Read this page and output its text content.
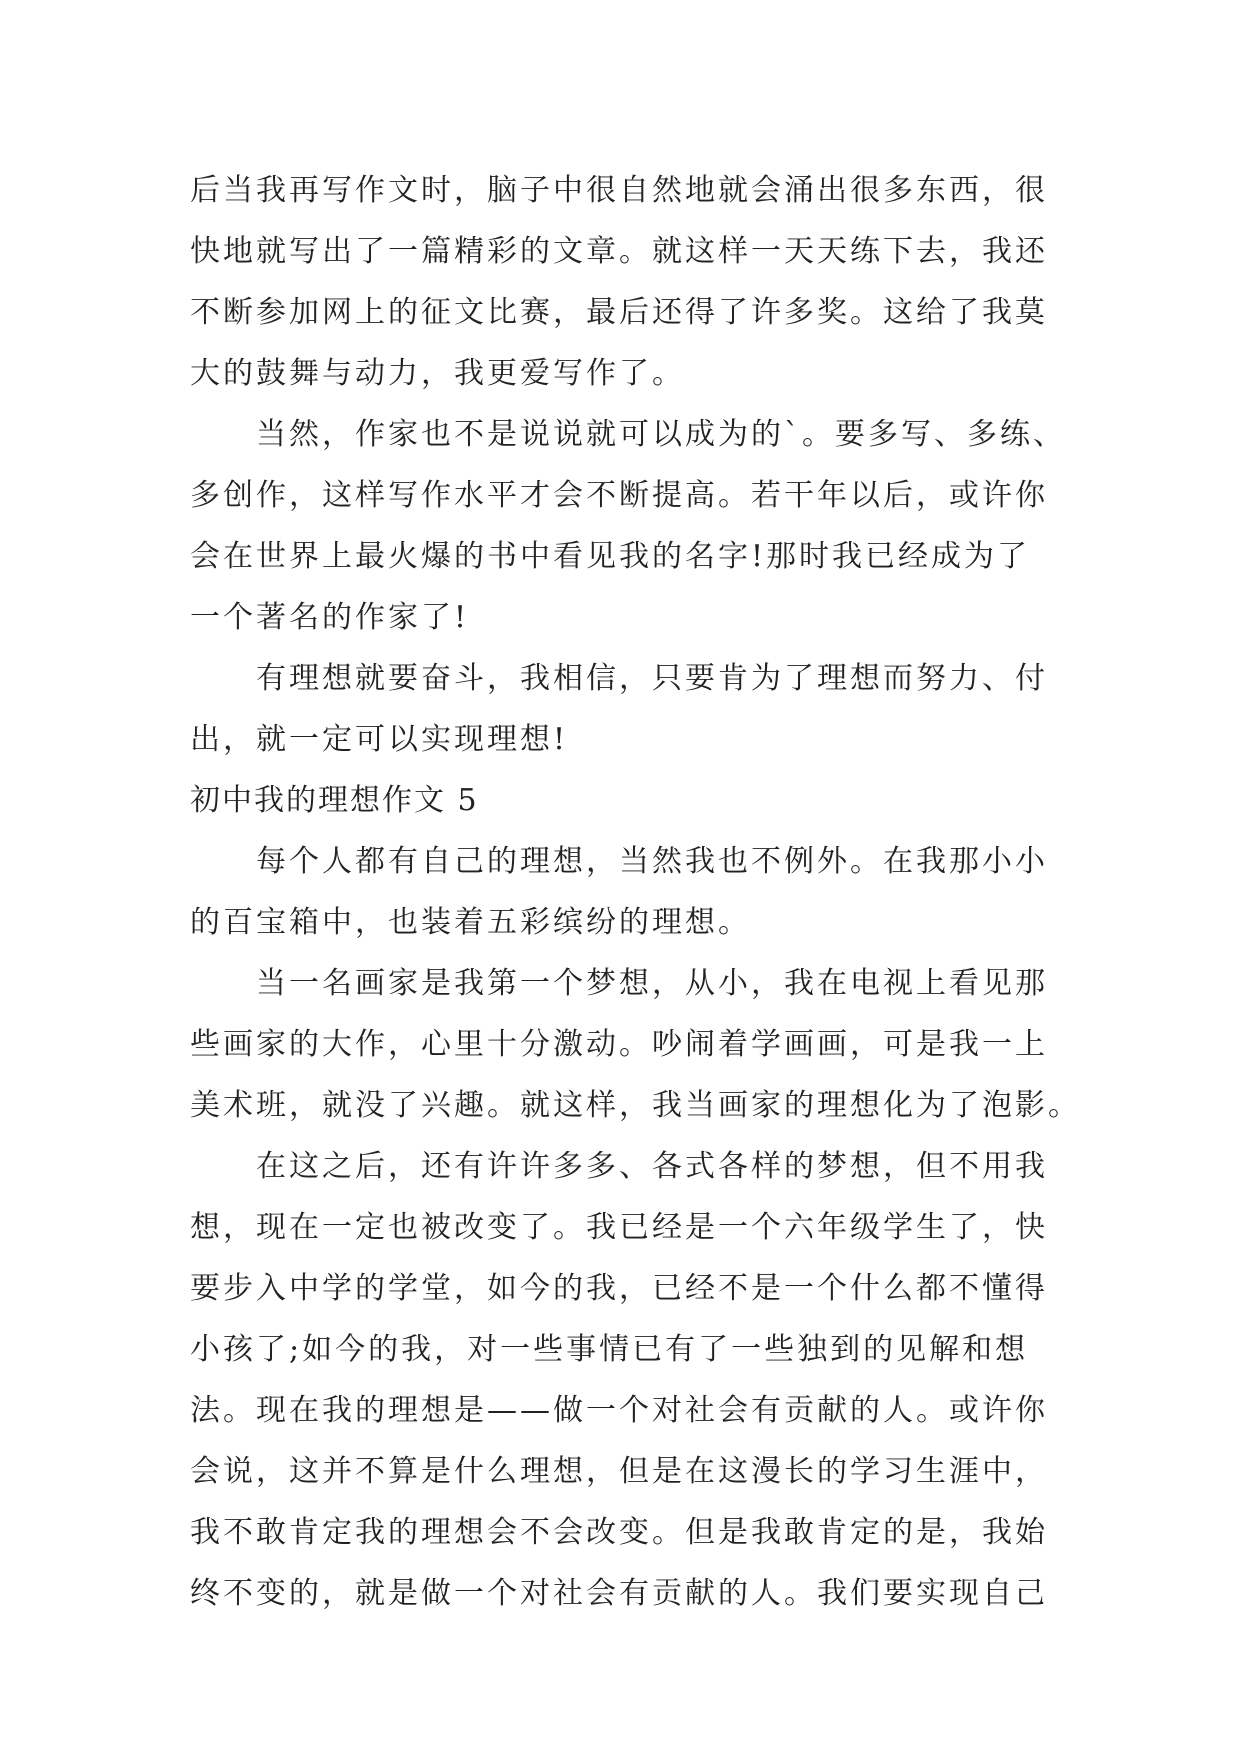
后当我再写作文时，脑子中很自然地就会涌出很多东西，很
快地就写出了一篇精彩的文章。就这样一天天练下去，我还
不断参加网上的征文比赛，最后还得了许多奖。这给了我莫
大的鼓舞与动力，我更爱写作了。
当然，作家也不是说说就可以成为的`。要多写、多练、
多创作，这样写作水平才会不断提高。若干年以后，或许你
会在世界上最火爆的书中看见我的名字!那时我已经成为了
一个著名的作家了!
有理想就要奋斗，我相信，只要肯为了理想而努力、付
出，就一定可以实现理想!
初中我的理想作文 5
每个人都有自己的理想，当然我也不例外。在我那小小
的百宝箱中，也装着五彩缤纷的理想。
当一名画家是我第一个梦想，从小，我在电视上看见那
些画家的大作，心里十分激动。吵闹着学画画，可是我一上
美术班，就没了兴趣。就这样，我当画家的理想化为了泡影。
在这之后，还有许许多多、各式各样的梦想，但不用我
想，现在一定也被改变了。我已经是一个六年级学生了，快
要步入中学的学堂，如今的我，已经不是一个什么都不懂得
小孩了;如今的我，对一些事情已有了一些独到的见解和想
法。现在我的理想是——做一个对社会有贡献的人。或许你
会说，这并不算是什么理想，但是在这漫长的学习生涯中，
我不敢肯定我的理想会不会改变。但是我敢肯定的是，我始
终不变的，就是做一个对社会有贡献的人。我们要实现自己
